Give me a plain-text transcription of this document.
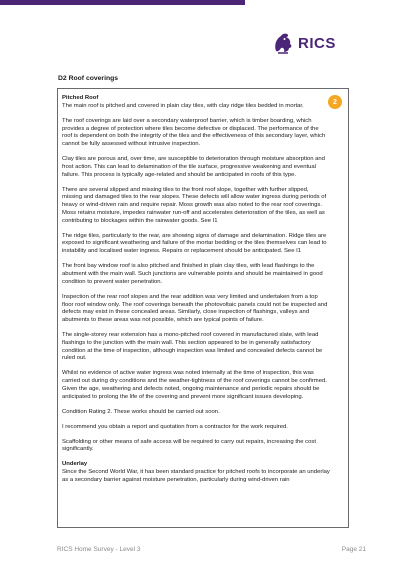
RICS
D2 Roof coverings
2
Pitched Roof

The main roof is pitched and covered in plain clay tiles, with clay ridge tiles bedded in mortar.

The roof coverings are laid over a secondary waterproof barrier, which is timber boarding, which provides a degree of protection where tiles become defective or displaced. The performance of the roof is dependent on both the integrity of the tiles and the effectiveness of this secondary layer, which cannot be fully assessed without intrusive inspection.

Clay tiles are porous and, over time, are susceptible to deterioration through moisture absorption and frost action. This can lead to delamination of the tile surface, progressive weakening and eventual failure. This process is typically age-related and should be anticipated in roofs of this type.

There are several slipped and missing tiles to the front roof slope, together with further slipped, missing and damaged tiles to the rear slopes. These defects will allow water ingress during periods of heavy or wind-driven rain and require repair. Moss growth was also noted to the rear roof coverings. Moss retains moisture, impedes rainwater run-off and accelerates deterioration of the tiles, as well as contributing to blockages within the rainwater goods. See I1

The ridge tiles, particularly to the rear, are showing signs of damage and delamination. Ridge tiles are exposed to significant weathering and failure of the mortar bedding or the tiles themselves can lead to instability and localised water ingress. Repairs or replacement should be anticipated. See I1

The front bay window roof is also pitched and finished in plain clay tiles, with lead flashings to the abutment with the main wall. Such junctions are vulnerable points and should be maintained in good condition to prevent water penetration.

Inspection of the rear roof slopes and the rear addition was very limited and undertaken from a top floor roof window only. The roof coverings beneath the photovoltaic panels could not be inspected and defects may exist in these concealed areas. Similarly, close inspection of flashings, valleys and abutments to these areas was not possible, which are typical points of failure.

The single-storey rear extension has a mono-pitched roof covered in manufactured slate, with lead flashings to the junction with the main wall. This section appeared to be in generally satisfactory condition at the time of inspection, although inspection was limited and concealed defects cannot be ruled out.

Whilst no evidence of active water ingress was noted internally at the time of inspection, this was carried out during dry conditions and the weather-tightness of the roof coverings cannot be confirmed. Given the age, weathering and defects noted, ongoing maintenance and periodic repairs should be anticipated to prolong the life of the covering and prevent more significant issues developing.

Condition Rating 2. These works should be carried out soon.

I recommend you obtain a report and quotation from a contractor for the work required.

Scaffolding or other means of safe access will be required to carry out repairs, increasing the cost significantly.

Underlay

Since the Second World War, it has been standard practice for pitched roofs to incorporate an underlay as a secondary barrier against moisture penetration, particularly during wind-driven rain

RICS Home Survey - Level 3	Page 21
